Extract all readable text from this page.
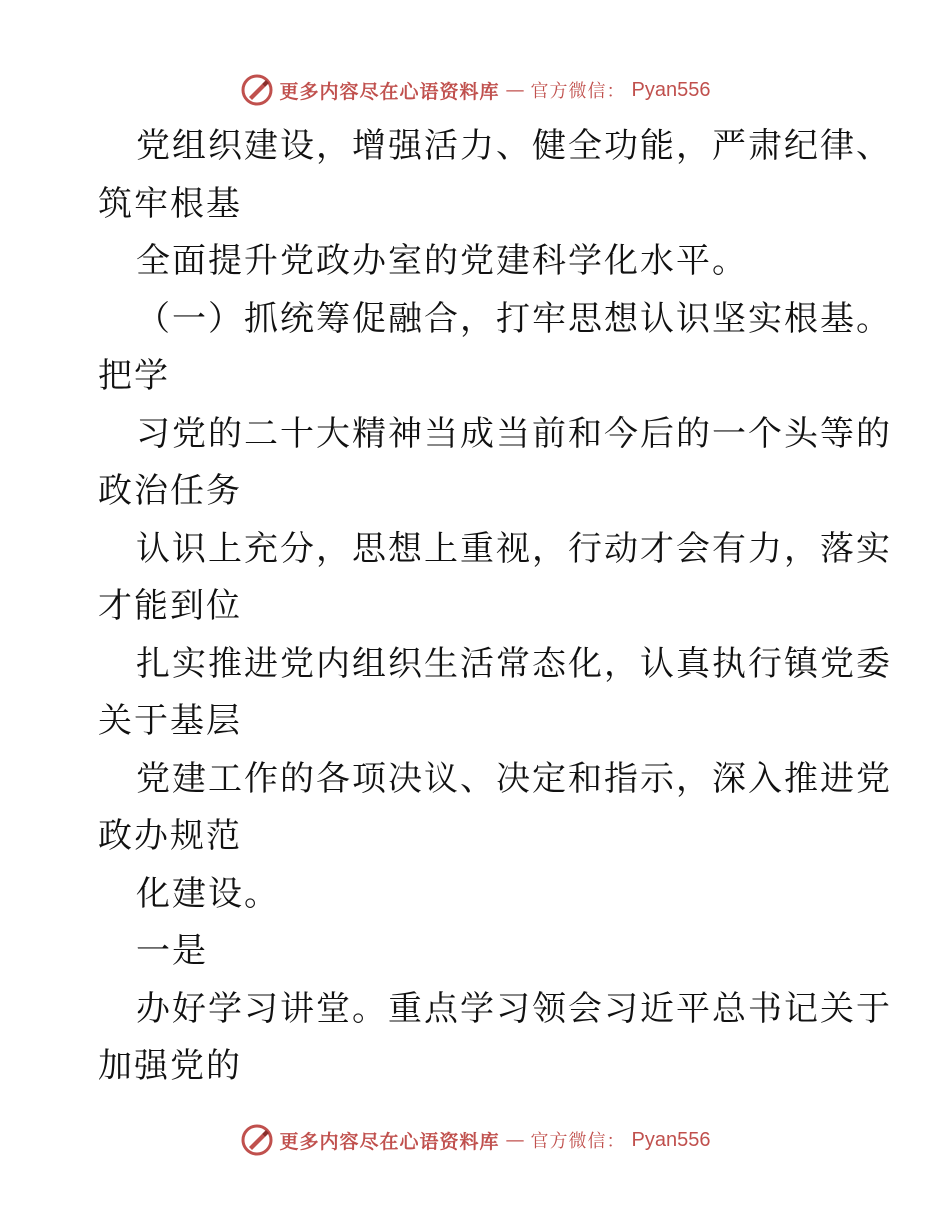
更多内容尽在心语资料库 — 官方微信： Pyan556
党组织建设，增强活力、健全功能，严肃纪律、
筑牢根基
全面提升党政办室的党建科学化水平。
（一）抓统筹促融合，打牢思想认识坚实根基。
把学
习党的二十大精神当成当前和今后的一个头等的
政治任务
认识上充分，思想上重视，行动才会有力，落实
才能到位
扎实推进党内组织生活常态化，认真执行镇党委
关于基层
党建工作的各项决议、决定和指示，深入推进党
政办规范
化建设。
一是
办好学习讲堂。重点学习领会习近平总书记关于
加强党的
更多内容尽在心语资料库 — 官方微信： Pyan556
